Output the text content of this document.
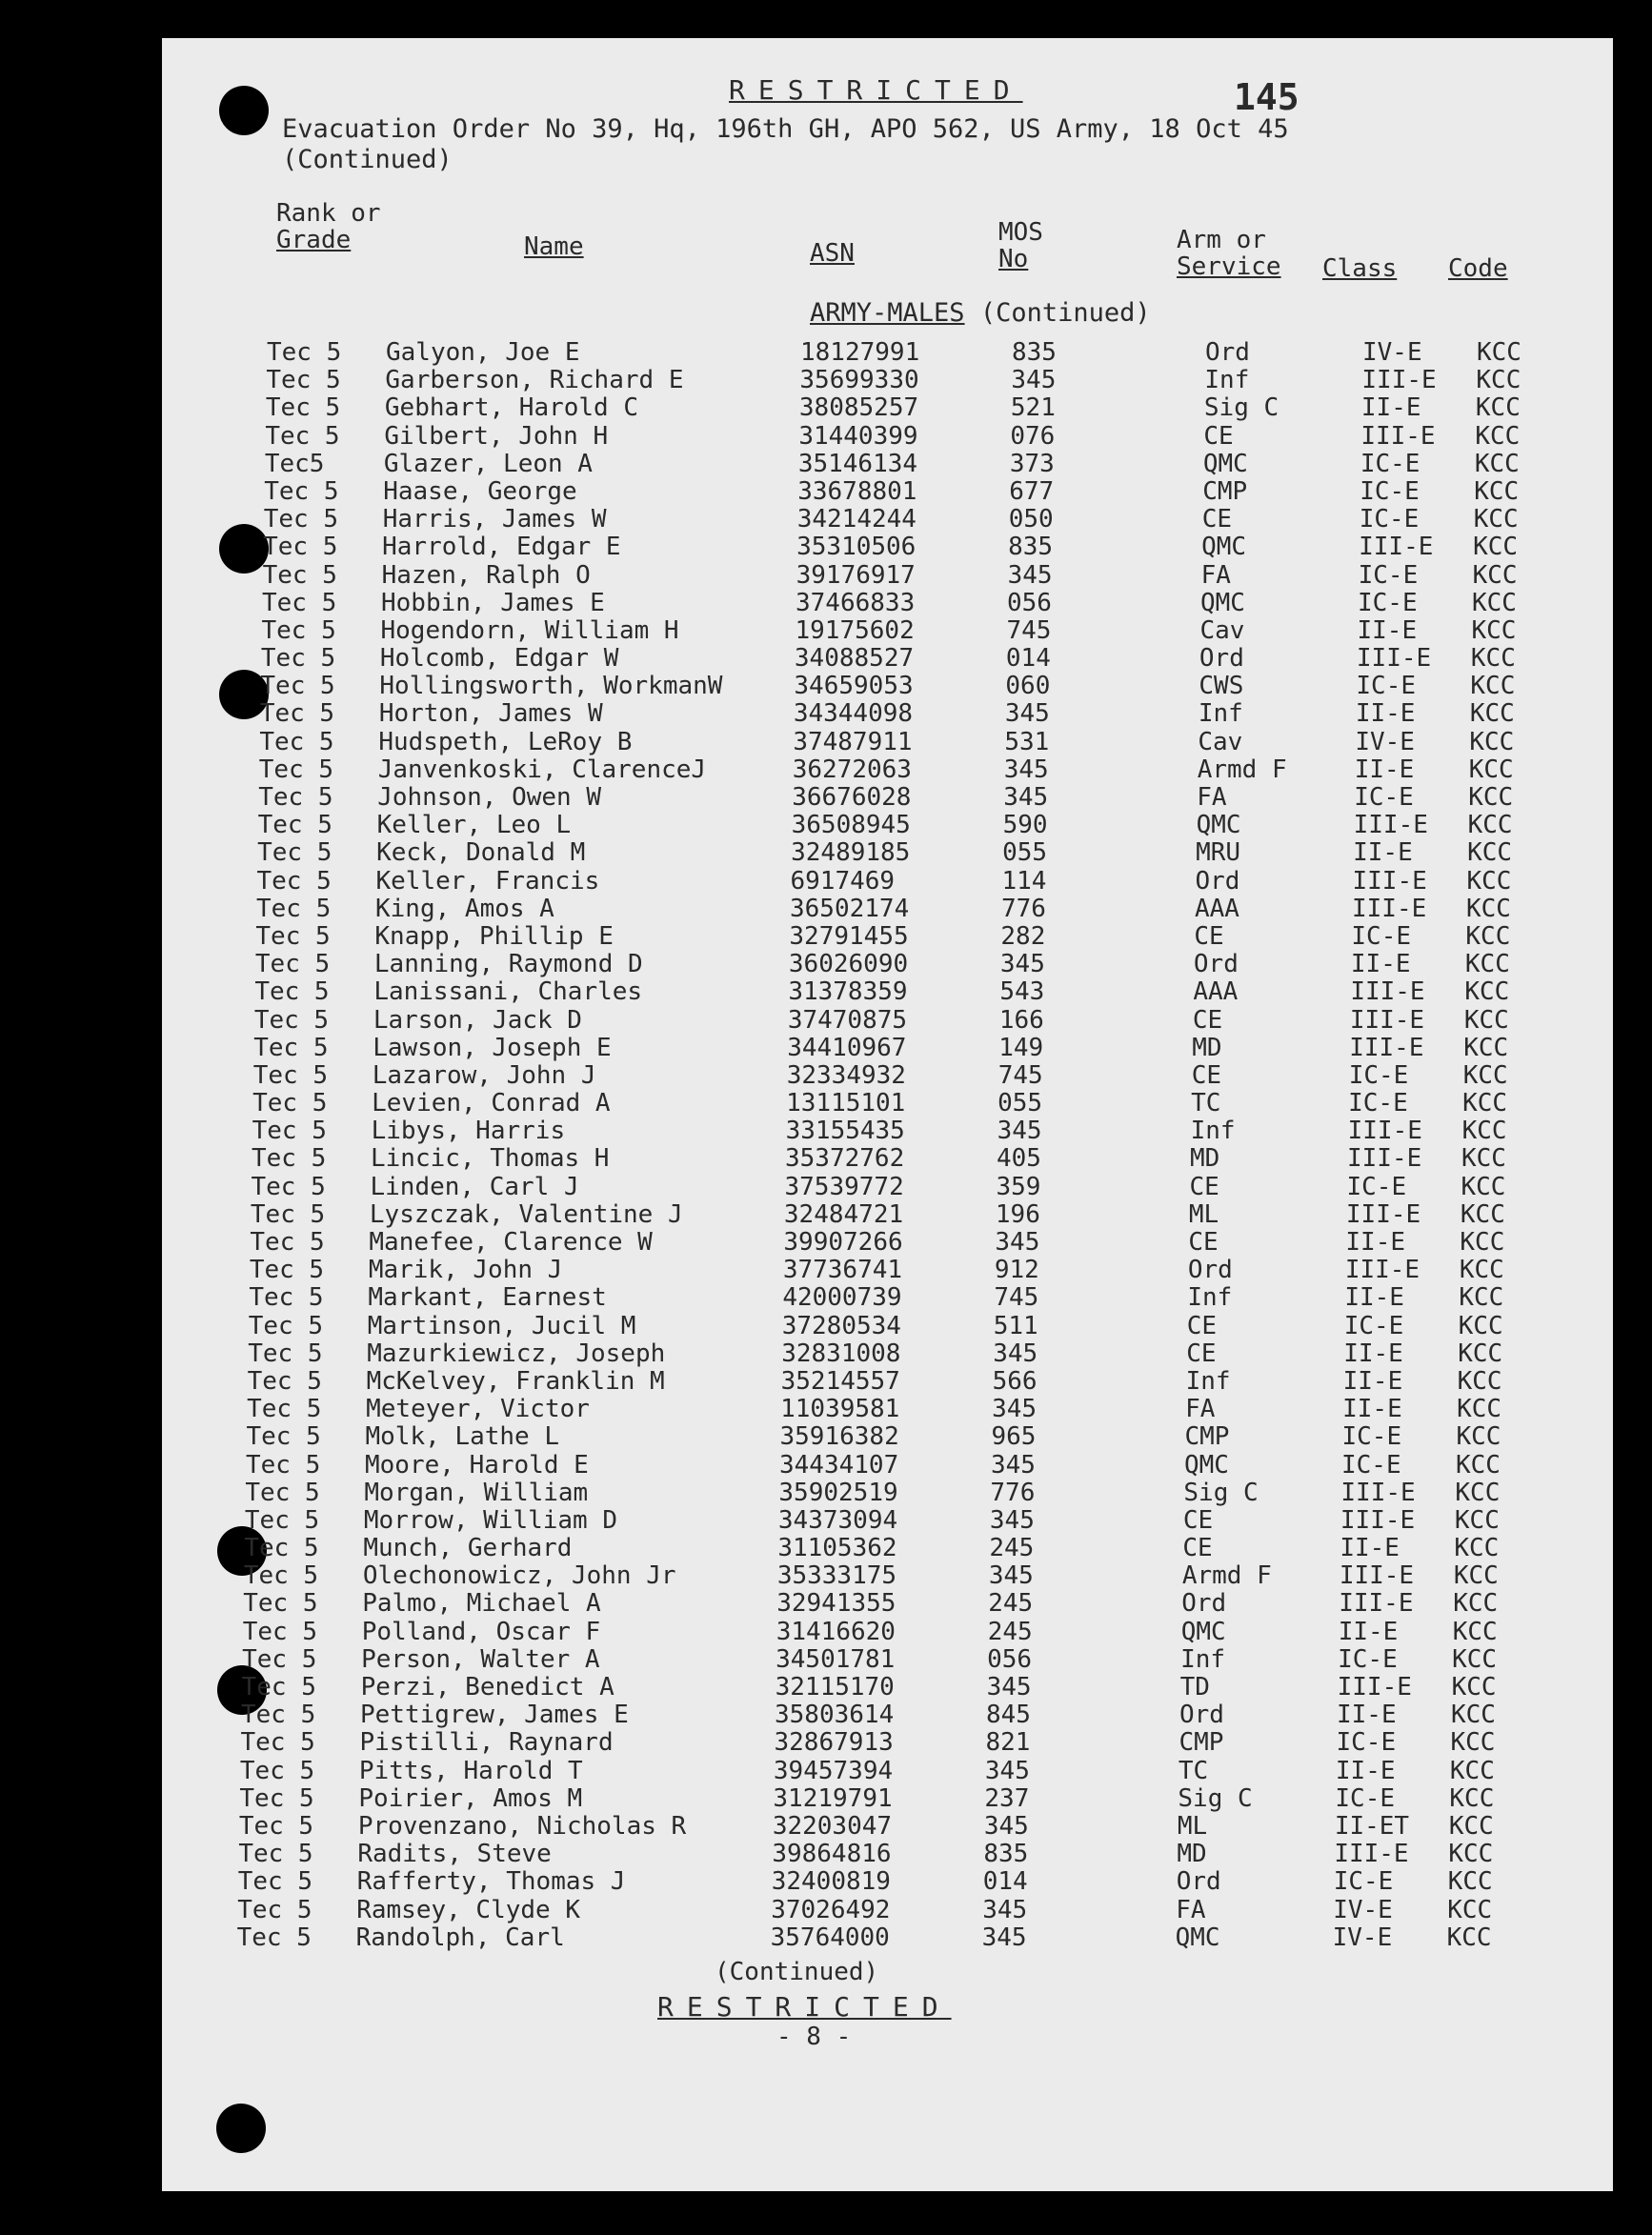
RESTRICTED	145
Evacuation Order No 39, Hq, 196th GH, APO 562, US Army, 18 Oct 45
(Continued)
Rank or
Grade	Name	ASN
MOS
No
Arm or
Service Class Code
ARMY-MALES (Continued)
Tec 5 Galyon, Joe E	18127991	835	Ord	IV-E KCC
Tec 5 Garberson, Richard E	35699330	345	Inf	III-E KCC
Tec 5 Gebhart, Harold C	38085257	521	Sig C	II-E KCC
Tec 5 Gilbert, John H	31440399	076	CE	III-E KCC
Tec5 Glazer, Leon A	35146134	373	QMC	IC-E KCC
Tec 5 Haase, George	33678801	677	CMP	IC-E KCC
Tec 5 Harris, James W	34214244	050	CE	IC-E KCC
Tec 5 Harrold, Edgar E	35310506	835	QMC	III-E KCC
Tec 5 Hazen, Ralph O	39176917	345	FA	IC-E KCC
Tec 5 Hobbin, James E	37466833	056	QMC	IC-E KCC
Tec 5 Hogendorn, William H	19175602	745	Cav	II-E KCC
Tec 5 Holcomb, Edgar W	34088527	014	Ord	III-E KCC
Tec 5 Hollingsworth, WorkmanW	34659053	060	CWS	IC-E KCC
Tec 5 Horton, James W	34344098	345	Inf	II-E KCC
Tec 5 Hudspeth, LeRoy B	37487911	531	Cav	IV-E KCC
Tec 5 Janvenkoski, ClarenceJ	36272063	345	Armd F	II-E KCC
Tec 5 Johnson, Owen W	36676028	345	FA	IC-E KCC
Tec 5 Keller, Leo L	36508945	590	QMC	III-E KCC
Tec 5 Keck, Donald M	32489185	055	MRU	II-E KCC
Tec 5 Keller, Francis	6917469	114	Ord	III-E KCC
Tec 5 King, Amos A	36502174	776	AAA	III-E KCC
Tec 5 Knapp, Phillip E	32791455	282	CE	IC-E KCC
Tec 5 Lanning, Raymond D	36026090	345	Ord	II-E KCC
Tec 5 Lanissani, Charles	31378359	543	AAA	III-E KCC
Tec 5 Larson, Jack D	37470875	166	CE	III-E KCC
Tec 5 Lawson, Joseph E	34410967	149	MD	III-E KCC
Tec 5 Lazarow, John J	32334932	745	CE	IC-E KCC
Tec 5 Levien, Conrad A	13115101	055	TC	IC-E KCC
Tec 5 Libys, Harris	33155435	345	Inf	III-E KCC
Tec 5 Lincic, Thomas H	35372762	405	MD	III-E KCC
Tec 5 Linden, Carl J	37539772	359	CE	IC-E KCC
Tec 5 Lyszczak, Valentine J	32484721	196	ML	III-E KCC
Tec 5 Manefee, Clarence W	39907266	345	CE	II-E KCC
Tec 5 Marik, John J	37736741	912	Ord	III-E KCC
Tec 5 Markant, Earnest	42000739	745	Inf	II-E KCC
Tec 5 Martinson, Jucil M	37280534	511	CE	IC-E KCC
Tec 5 Mazurkiewicz, Joseph	32831008	345	CE	II-E KCC
Tec 5 McKelvey, Franklin M	35214557	566	Inf	II-E KCC
Tec 5 Meteyer, Victor	11039581	345	FA	II-E KCC
Tec 5 Molk, Lathe L	35916382	965	CMP	IC-E KCC
Tec 5 Moore, Harold E	34434107	345	QMC	IC-E KCC
Tec 5 Morgan, William	35902519	776	Sig C	III-E KCC
Tec 5 Morrow, William D	34373094	345	CE	III-E KCC
Tec 5 Munch, Gerhard	31105362	245	CE	II-E KCC
Tec 5 Olechonowicz, John Jr	35333175	345	Armd F	III-E KCC
Tec 5 Palmo, Michael A	32941355	245	Ord	III-E KCC
Tec 5 Polland, Oscar F	31416620	245	QMC	II-E KCC
Tec 5 Person, Walter A	34501781	056	Inf	IC-E KCC
Tec 5 Perzi, Benedict A	32115170	345	TD	III-E KCC
Tec 5 Pettigrew, James E	35803614	845	Ord	II-E KCC
Tec 5 Pistilli, Raynard	32867913	821	CMP	IC-E KCC
Tec 5 Pitts, Harold T	39457394	345	TC	II-E KCC
Tec 5 Poirier, Amos M	31219791	237	Sig C	IC-E KCC
Tec 5 Provenzano, Nicholas R	32203047	345	ML	II-ET KCC
Tec 5 Radits, Steve	39864816	835	MD	III-E KCC
Tec 5 Rafferty, Thomas J	32400819	014	Ord	IC-E KCC
Tec 5 Ramsey, Clyde K	37026492	345	FA	IV-E KCC
Tec 5 Randolph, Carl	35764000	345	QMC	IV-E KCC
(Continued)
RESTRICTED
- 8 -
